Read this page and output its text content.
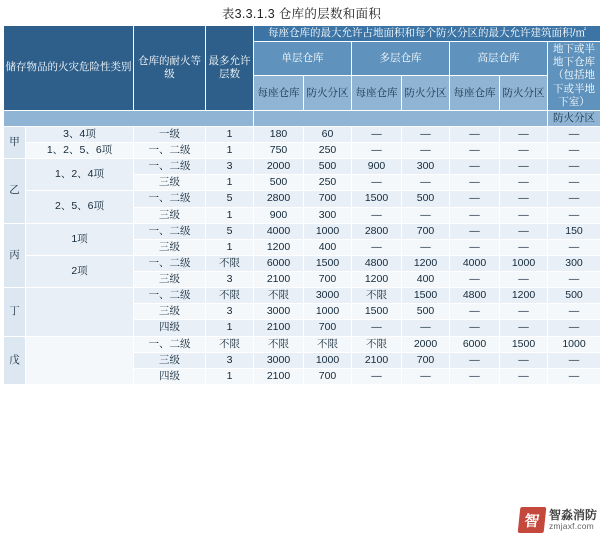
表3.3.1.3 仓库的层数和面积
储存物品的火灾危险性类别		仓库的耐火等级	最多允许层数	每座仓库的最大允许占地面积和每个防火分区的最大允许建筑面积/㎡						
				单层仓库		多层仓库		高层仓库		地下或半地下仓库（包括地下或半地下室）
				每座仓库	防火分区	每座仓库	防火分区	每座仓库	防火分区	
										防火分区
甲	3、4项	一级	1	180	60	—	—	—	—	—
	1、2、5、6项	一、二级	1	750	250	—	—	—	—	—
乙	1、2、4项	一、二级	3	2000	500	900	300	—	—	—
		三级	1	500	250	—	—	—	—	—
	2、5、6项	一、二级	5	2800	700	1500	500	—	—	—
		三级	1	900	300	—	—	—	—	—
丙	1项	一、二级	5	4000	1000	2800	700	—	—	150
		三级	1	1200	400	—	—	—	—	—
	2项	一、二级	不限	6000	1500	4800	1200	4000	1000	300
		三级	3	2100	700	1200	400	—	—	—
丁		一、二级	不限	不限	3000	不限	1500	4800	1200	500
		三级	3	3000	1000	1500	500	—	—	—
		四级	1	2100	700	—	—	—	—	—
戊		一、二级	不限	不限	不限	不限	2000	6000	1500	1000
		三级	3	3000	1000	2100	700	—	—	—
		四级	1	2100	700	—	—	—	—	—
智 智淼消防
zmjaxf.com
